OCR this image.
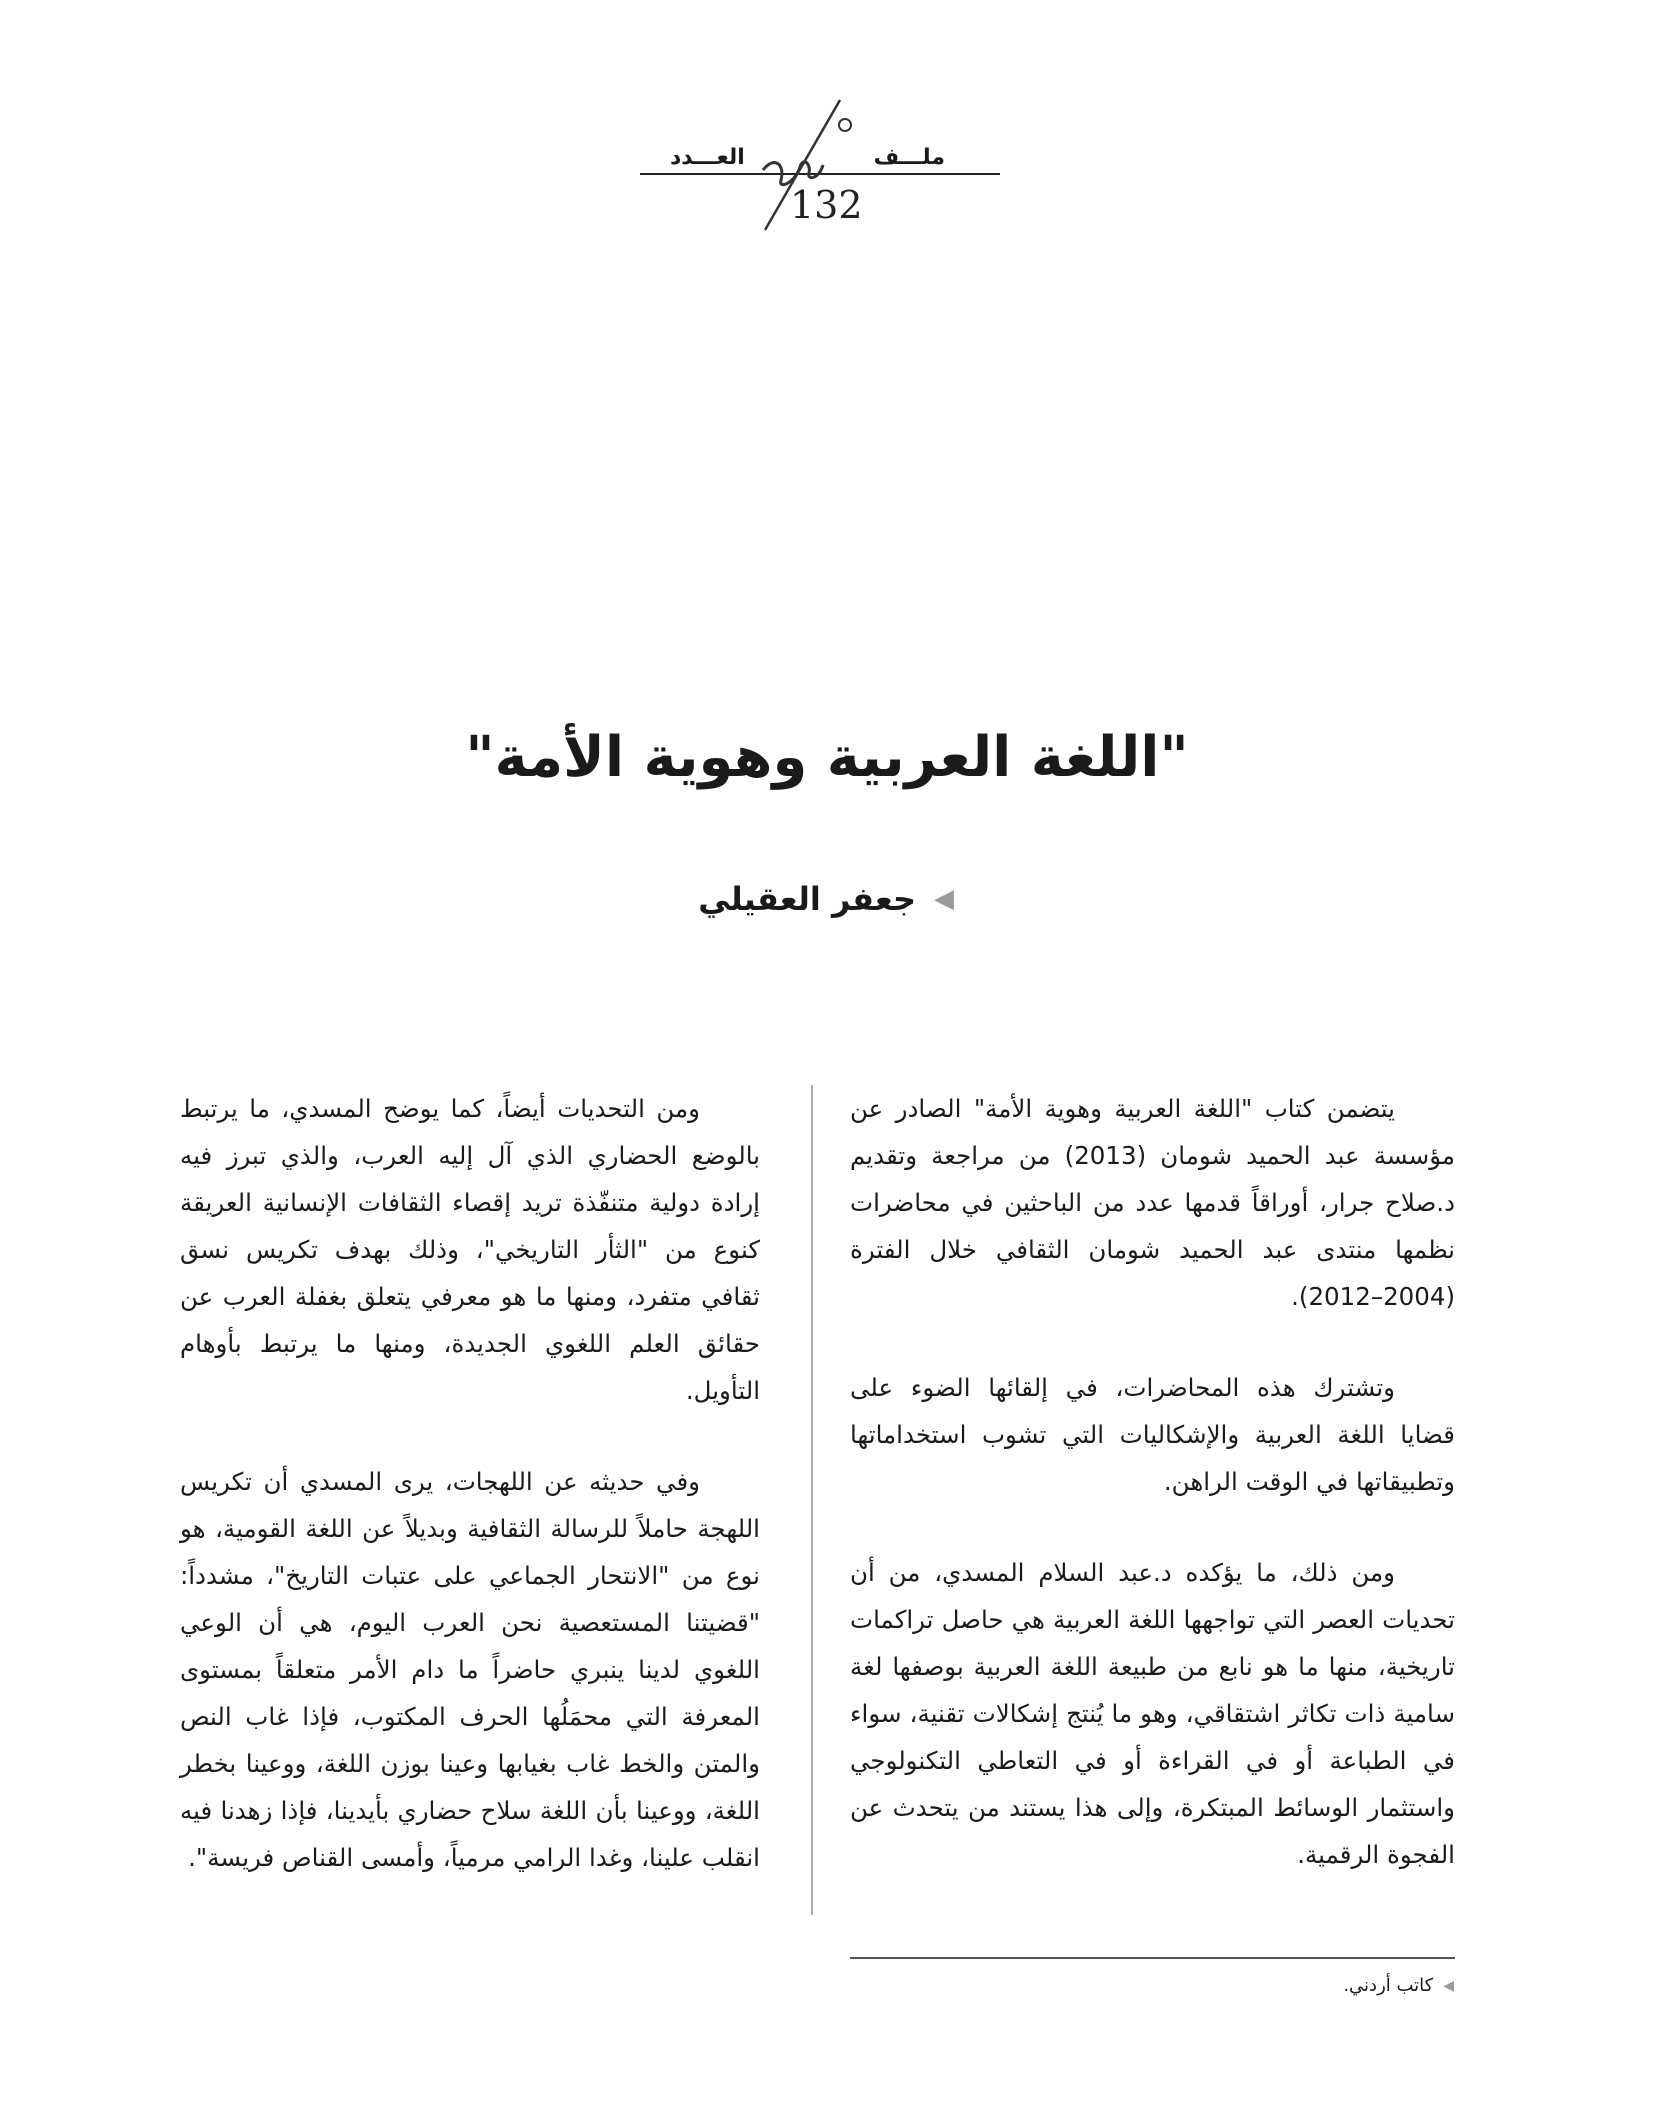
ملـــف
العـــدد
132
"اللغة العربية وهوية الأمة"
◀
جعفر العقيلي

يتضمن كتاب "اللغة العربية وهوية الأمة" الصادر عن مؤسسة عبد الحميد شومان (2013) من مراجعة وتقديم د.صلاح جرار، أوراقاً قدمها عدد من الباحثين في محاضرات نظمها منتدى عبد الحميد شومان الثقافي خلال الفترة (2004–2012).

وتشترك هذه المحاضرات، في إلقائها الضوء على قضايا اللغة العربية والإشكاليات التي تشوب استخداماتها وتطبيقاتها في الوقت الراهن.

ومن ذلك، ما يؤكده د.عبد السلام المسدي، من أن تحديات العصر التي تواجهها اللغة العربية هي حاصل تراكمات تاريخية، منها ما هو نابع من طبيعة اللغة العربية بوصفها لغة سامية ذات تكاثر اشتقاقي، وهو ما يُنتج إشكالات تقنية، سواء في الطباعة أو في القراءة أو في التعاطي التكنولوجي واستثمار الوسائط المبتكرة، وإلى هذا يستند من يتحدث عن الفجوة الرقمية.

ومن التحديات أيضاً، كما يوضح المسدي، ما يرتبط بالوضع الحضاري الذي آل إليه العرب، والذي تبرز فيه إرادة دولية متنفّذة تريد إقصاء الثقافات الإنسانية العريقة كنوع من "الثأر التاريخي"، وذلك بهدف تكريس نسق ثقافي متفرد، ومنها ما هو معرفي يتعلق بغفلة العرب عن حقائق العلم اللغوي الجديدة، ومنها ما يرتبط بأوهام التأويل.

وفي حديثه عن اللهجات، يرى المسدي أن تكريس اللهجة حاملاً للرسالة الثقافية وبديلاً عن اللغة القومية، هو نوع من "الانتحار الجماعي على عتبات التاريخ"، مشدداً: "قضيتنا المستعصية نحن العرب اليوم، هي أن الوعي اللغوي لدينا ينبري حاضراً ما دام الأمر متعلقاً بمستوى المعرفة التي محمَلُها الحرف المكتوب، فإذا غاب النص والمتن والخط غاب بغيابها وعينا بوزن اللغة، ووعينا بخطر اللغة، ووعينا بأن اللغة سلاح حضاري بأيدينا، فإذا زهدنا فيه انقلب علينا، وغدا الرامي مرمياً، وأمسى القناص فريسة".

◀
كاتب أردني.
